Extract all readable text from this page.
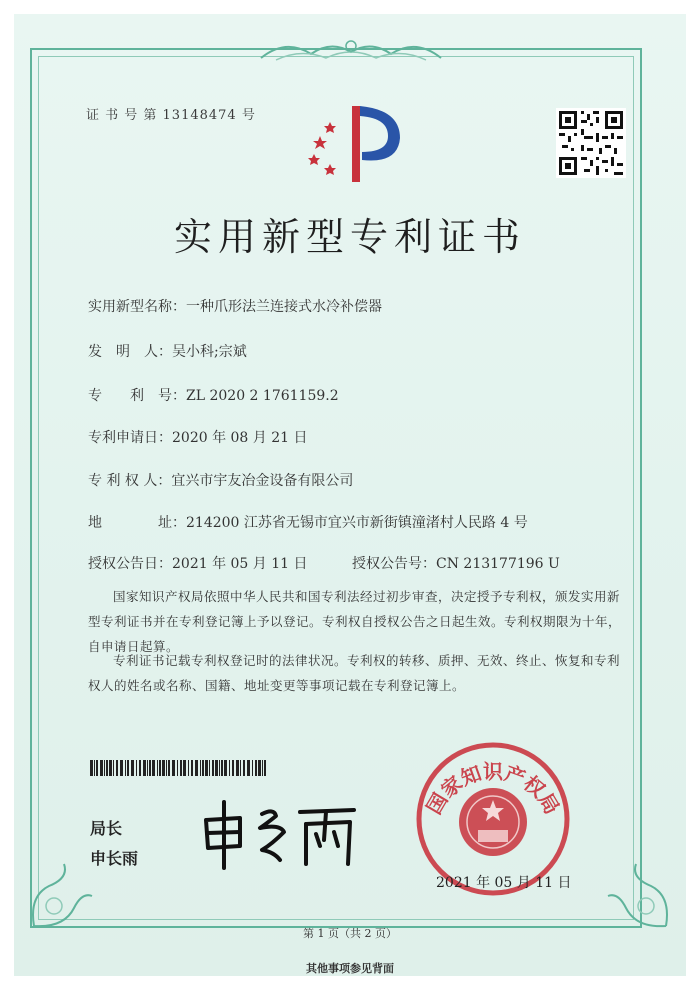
证 书 号 第 13148474 号
实用新型专利证书
实用新型名称：一种爪形法兰连接式水冷补偿器
发　明　人：吴小科;宗斌
专　　利　号：ZL 2020 2 1761159.2
专利申请日：2020 年 08 月 21 日
专 利 权 人：宜兴市宇友冶金设备有限公司
地　　　　址：214200 江苏省无锡市宜兴市新街镇潼渚村人民路 4 号
授权公告日：2021 年 05 月 11 日	授权公告号：CN 213177196 U
国家知识产权局依照中华人民共和国专利法经过初步审查，决定授予专利权，颁发实用新型专利证书并在专利登记簿上予以登记。专利权自授权公告之日起生效。专利权期限为十年，自申请日起算。
专利证书记载专利权登记时的法律状况。专利权的转移、质押、无效、终止、恢复和专利权人的姓名或名称、国籍、地址变更等事项记载在专利登记簿上。
局长
申长雨
国家知识产权局
2021 年 05 月 11 日
第 1 页（共 2 页）
其他事项参见背面
